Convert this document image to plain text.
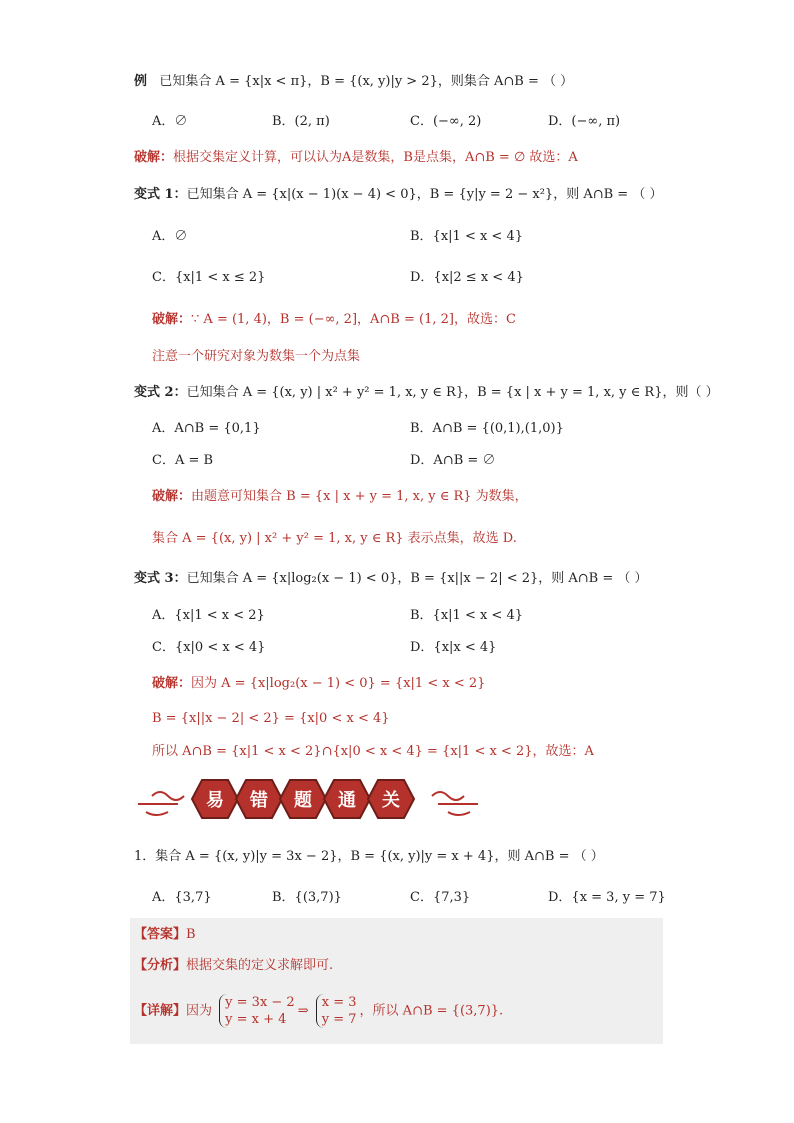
例 已知集合 A = {x|x < π}，B = {(x, y)|y > 2}，则集合 A∩B = （ ）
A．∅	B．(2, π)	C．(−∞, 2)	D．(−∞, π)
破解：根据交集定义计算，可以认为A是数集，B是点集，A∩B = ∅ 故选：A
变式 1：已知集合 A = {x|(x − 1)(x − 4) < 0}，B = {y|y = 2 − x²}，则 A∩B = （ ）
A．∅	B．{x|1 < x < 4}
C．{x|1 < x ≤ 2}	D．{x|2 ≤ x < 4}
破解：∵ A = (1, 4)，B = (−∞, 2]，A∩B = (1, 2]，故选：C
注意一个研究对象为数集一个为点集
变式 2：已知集合 A = {(x, y) | x² + y² = 1, x, y ∈ R}，B = {x | x + y = 1, x, y ∈ R}，则（ ）
A．A∩B = {0,1}	B．A∩B = {(0,1),(1,0)}
C．A = B	D．A∩B = ∅
破解：由题意可知集合 B = {x | x + y = 1, x, y ∈ R} 为数集，
集合 A = {(x, y) | x² + y² = 1, x, y ∈ R} 表示点集，故选 D.
变式 3：已知集合 A = {x|log₂(x − 1) < 0}，B = {x||x − 2| < 2}，则 A∩B = （ ）
A．{x|1 < x < 2}	B．{x|1 < x < 4}
C．{x|0 < x < 4}	D．{x|x < 4}
破解：因为 A = {x|log₂(x − 1) < 0} = {x|1 < x < 2}
B = {x||x − 2| < 2} = {x|0 < x < 4}
所以 A∩B = {x|1 < x < 2}∩{x|0 < x < 4} = {x|1 < x < 2}，故选：A
易 错 题 通 关
1．集合 A = {(x, y)|y = 3x − 2}，B = {(x, y)|y = x + 4}，则 A∩B = （ ）
A．{3,7}	B．{(3,7)}	C．{7,3}	D．{x = 3, y = 7}
【答案】B
【分析】根据交集的定义求解即可.
【详解】因为
y = 3x − 2
y = x + 4
⇒
x = 3
y = 7
，所以 A∩B = {(3,7)}.
